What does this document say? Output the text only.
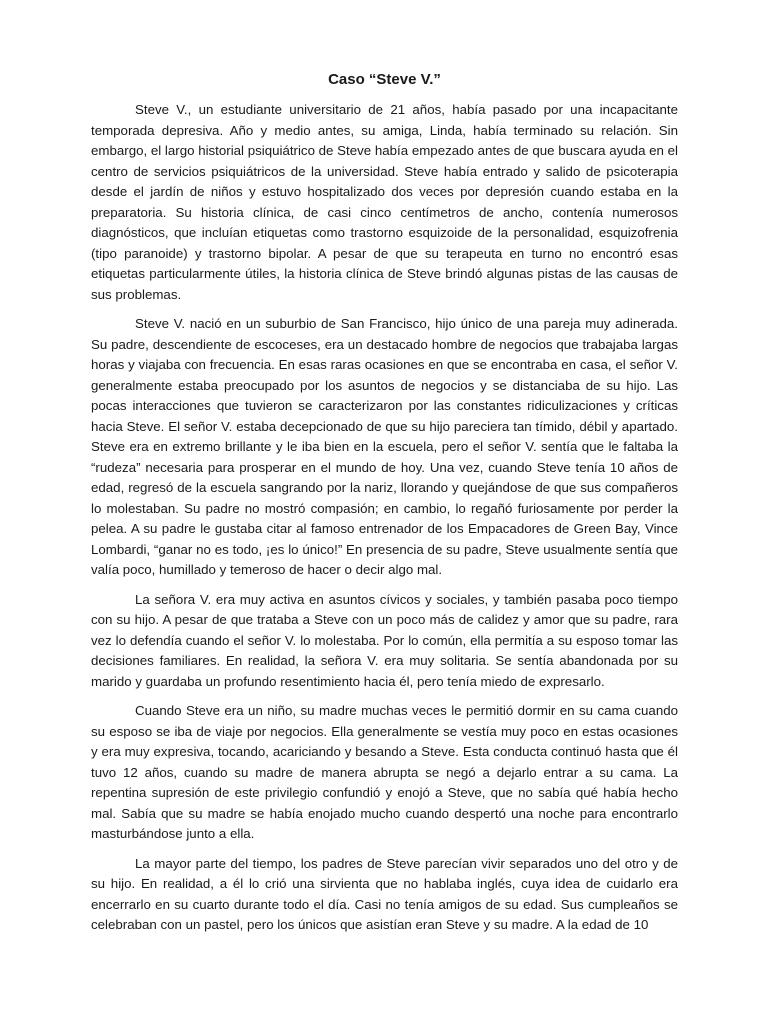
Caso “Steve V.”

Steve V., un estudiante universitario de 21 años, había pasado por una incapacitante temporada depresiva. Año y medio antes, su amiga, Linda, había terminado su relación. Sin embargo, el largo historial psiquiátrico de Steve había empezado antes de que buscara ayuda en el centro de servicios psiquiátricos de la universidad. Steve había entrado y salido de psicoterapia desde el jardín de niños y estuvo hospitalizado dos veces por depresión cuando estaba en la preparatoria. Su historia clínica, de casi cinco centímetros de ancho, contenía numerosos diagnósticos, que incluían etiquetas como trastorno esquizoide de la personalidad, esquizofrenia (tipo paranoide) y trastorno bipolar. A pesar de que su terapeuta en turno no encontró esas etiquetas particularmente útiles, la historia clínica de Steve brindó algunas pistas de las causas de sus problemas.

Steve V. nació en un suburbio de San Francisco, hijo único de una pareja muy adinerada. Su padre, descendiente de escoceses, era un destacado hombre de negocios que trabajaba largas horas y viajaba con frecuencia. En esas raras ocasiones en que se encontraba en casa, el señor V. generalmente estaba preocupado por los asuntos de negocios y se distanciaba de su hijo. Las pocas interacciones que tuvieron se caracterizaron por las constantes ridiculizaciones y críticas hacia Steve. El señor V. estaba decepcionado de que su hijo pareciera tan tímido, débil y apartado. Steve era en extremo brillante y le iba bien en la escuela, pero el señor V. sentía que le faltaba la “rudeza” necesaria para prosperar en el mundo de hoy. Una vez, cuando Steve tenía 10 años de edad, regresó de la escuela sangrando por la nariz, llorando y quejándose de que sus compañeros lo molestaban. Su padre no mostró compasión; en cambio, lo regañó furiosamente por perder la pelea. A su padre le gustaba citar al famoso entrenador de los Empacadores de Green Bay, Vince Lombardi, “ganar no es todo, ¡es lo único!” En presencia de su padre, Steve usualmente sentía que valía poco, humillado y temeroso de hacer o decir algo mal.

La señora V. era muy activa en asuntos cívicos y sociales, y también pasaba poco tiempo con su hijo. A pesar de que trataba a Steve con un poco más de calidez y amor que su padre, rara vez lo defendía cuando el señor V. lo molestaba. Por lo común, ella permitía a su esposo tomar las decisiones familiares. En realidad, la señora V. era muy solitaria. Se sentía abandonada por su marido y guardaba un profundo resentimiento hacia él, pero tenía miedo de expresarlo.

Cuando Steve era un niño, su madre muchas veces le permitió dormir en su cama cuando su esposo se iba de viaje por negocios. Ella generalmente se vestía muy poco en estas ocasiones y era muy expresiva, tocando, acariciando y besando a Steve. Esta conducta continuó hasta que él tuvo 12 años, cuando su madre de manera abrupta se negó a dejarlo entrar a su cama. La repentina supresión de este privilegio confundió y enojó a Steve, que no sabía qué había hecho mal. Sabía que su madre se había enojado mucho cuando despertó una noche para encontrarlo masturbándose junto a ella.

La mayor parte del tiempo, los padres de Steve parecían vivir separados uno del otro y de su hijo. En realidad, a él lo crió una sirvienta que no hablaba inglés, cuya idea de cuidarlo era encerrarlo en su cuarto durante todo el día. Casi no tenía amigos de su edad. Sus cumpleaños se celebraban con un pastel, pero los únicos que asistían eran Steve y su madre. A la edad de 10
